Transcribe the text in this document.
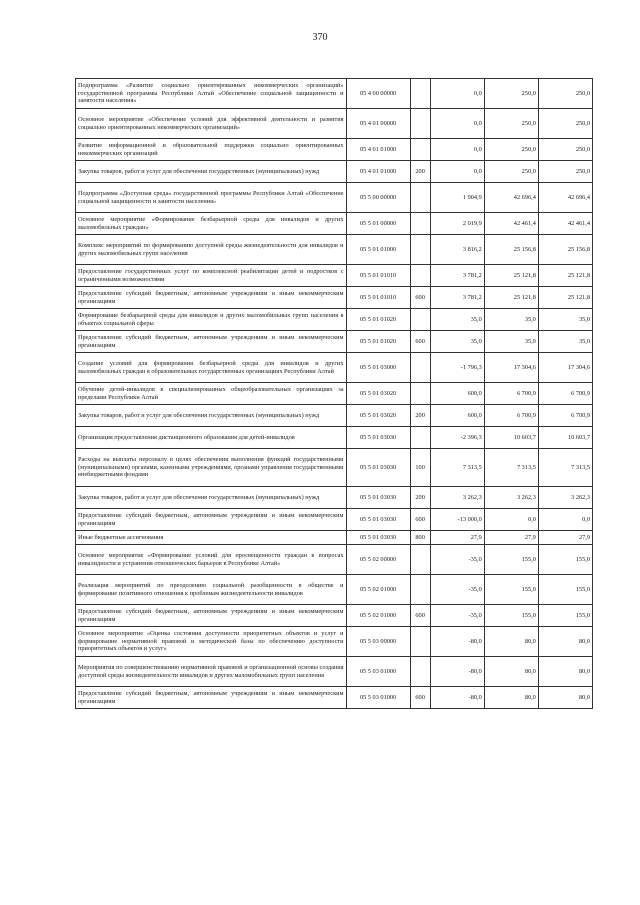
370
Подпрограмма «Развитие социально ориентированных некоммерческих организаций» государственной программы Республики Алтай «Обеспечение социальной защищенности и занятости населения»	05 4 00 00000		0,0	250,0	250,0
Основное мероприятие «Обеспечение условий для эффективной деятельности и развития социально ориентированных некоммерческих организаций»	05 4 01 00000		0,0	250,0	250,0
Развитие информационной и образовательной поддержки социально ориентированных некоммерческих организаций	05 4 01 01000		0,0	250,0	250,0
Закупка товаров, работ и услуг для обеспечения государственных (муниципальных) нужд	05 4 01 01000	200	0,0	250,0	250,0
Подпрограмма «Доступная среда» государственной программы Республики Алтай «Обеспечение социальной защищенности и занятости населения»	05 5 00 00000		1 904,9	42 696,4	42 696,4
Основное мероприятие «Формирование безбарьерной среды для инвалидов и других маломобильных граждан»	05 5 01 00000		2 019,9	42 461,4	42 461,4
Комплекс мероприятий по формированию доступной среды жизнедеятельности для инвалидов и других маломобильных групп населения	05 5 01 01000		3 816,2	25 156,8	25 156,8
Предоставление государственных услуг по комплексной реабилитации детей и подростков с ограниченными возможностями	05 5 01 01010		3 781,2	25 121,8	25 121,8
Предоставление субсидий бюджетным, автономным учреждениям и иным некоммерческим организациям	05 5 01 01010	600	3 781,2	25 121,8	25 121,8
Формирование безбарьерной среды для инвалидов и других маломобильных групп населения в объектах социальной сферы	05 5 01 01020		35,0	35,0	35,0
Предоставление субсидий бюджетным, автономным учреждениям и иным некоммерческим организациям	05 5 01 01020	600	35,0	35,0	35,0
Создание условий для формирования безбарьерной среды для инвалидов и других маломобильных граждан в образовательных государственных организациях Республики Алтай	05 5 01 03000		-1 796,3	17 304,6	17 304,6
Обучение детей-инвалидов в специализированных общеобразовательных организациях за пределами Республики Алтай	05 5 01 03020		600,0	6 700,9	6 700,9
Закупка товаров, работ и услуг для обеспечения государственных (муниципальных) нужд	05 5 01 03020	200	600,0	6 700,9	6 700,9
Организация предоставления дистанционного образования для детей-инвалидов	05 5 01 03030		-2 396,3	10 603,7	10 603,7
Расходы на выплаты персоналу в целях обеспечения выполнения функций государственными (муниципальными) органами, казенными учреждениями, органами управления государственными внебюджетными фондами	05 5 01 03030	100	7 313,5	7 313,5	7 313,5
Закупка товаров, работ и услуг для обеспечения государственных (муниципальных) нужд	05 5 01 03030	200	3 262,3	3 262,3	3 262,3
Предоставление субсидий бюджетным, автономным учреждениям и иным некоммерческим организациям	05 5 01 03030	600	-13 000,0	0,0	0,0
Иные бюджетные ассигнования	05 5 01 03030	800	27,9	27,9	27,9
Основное мероприятие «Формирование условий для просвещенности граждан в вопросах инвалидности и устранения отношенческих барьеров в Республике Алтай»	05 5 02 00000		-35,0	155,0	155,0
Реализация мероприятий по преодолению социальной разобщенности в обществе и формирование позитивного отношения к проблемам жизнедеятельности инвалидов	05 5 02 01000		-35,0	155,0	155,0
Предоставление субсидий бюджетным, автономным учреждениям и иным некоммерческим организациям	05 5 02 01000	600	-35,0	155,0	155,0
Основное мероприятие «Оценка состояния доступности приоритетных объектов и услуг и формирование нормативной правовой и методической базы по обеспечению доступности приоритетных объектов и услуг»	05 5 03 00000		-80,0	80,0	80,0
Мероприятия по совершенствованию нормативной правовой и организационной основы создания доступной среды жизнедеятельности инвалидов и других маломобильных групп населения	05 5 03 01000		-80,0	80,0	80,0
Предоставление субсидий бюджетным, автономным учреждениям и иным некоммерческим организациям	05 5 03 01000	600	-80,0	80,0	80,0
